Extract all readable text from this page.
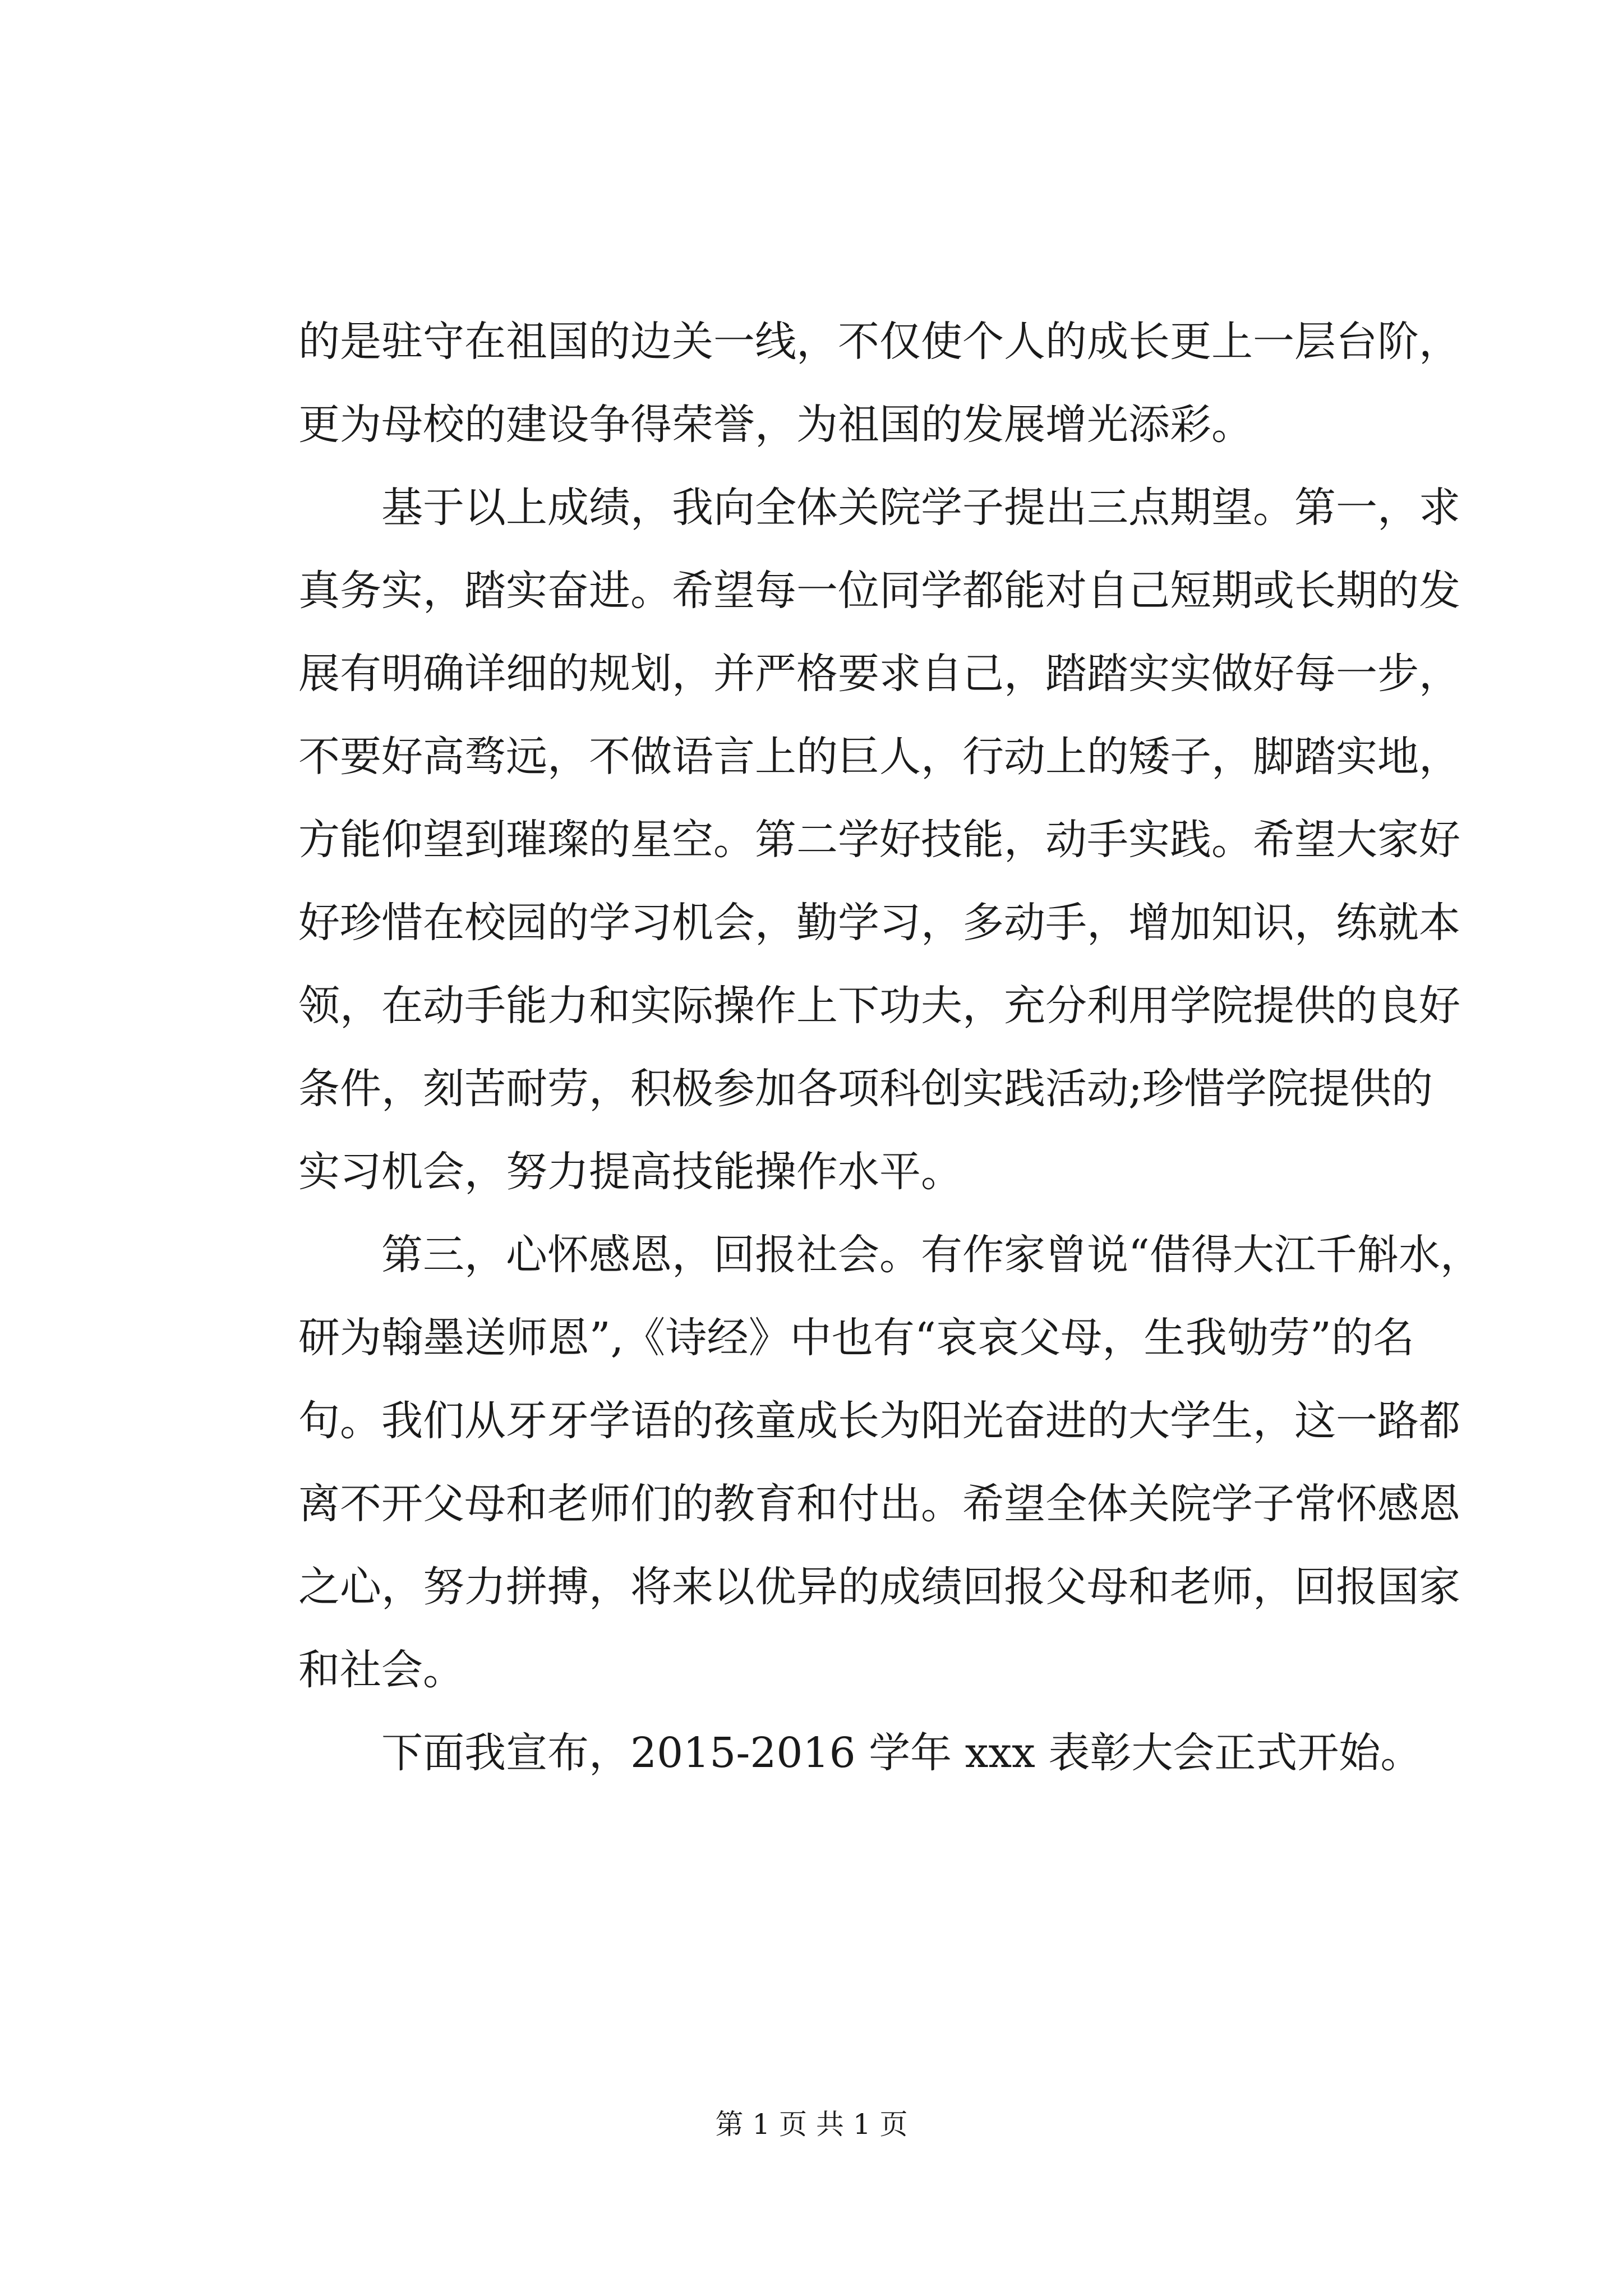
的是驻守在祖国的边关一线，不仅使个人的成长更上一层台阶，
更为母校的建设争得荣誉，为祖国的发展增光添彩。
基于以上成绩，我向全体关院学子提出三点期望。第一，求
真务实，踏实奋进。希望每一位同学都能对自己短期或长期的发
展有明确详细的规划，并严格要求自己，踏踏实实做好每一步，
不要好高骛远，不做语言上的巨人，行动上的矮子，脚踏实地，
方能仰望到璀璨的星空。第二学好技能，动手实践。希望大家好
好珍惜在校园的学习机会，勤学习，多动手，增加知识，练就本
领，在动手能力和实际操作上下功夫，充分利用学院提供的良好
条件，刻苦耐劳，积极参加各项科创实践活动;珍惜学院提供的
实习机会，努力提高技能操作水平。
第三，心怀感恩，回报社会。有作家曾说“借得大江千斛水，
研为翰墨送师恩”,《诗经》中也有“哀哀父母，生我劬劳”的名
句。我们从牙牙学语的孩童成长为阳光奋进的大学生，这一路都
离不开父母和老师们的教育和付出。希望全体关院学子常怀感恩
之心，努力拼搏，将来以优异的成绩回报父母和老师，回报国家
和社会。
下面我宣布，2015-2016 学年 xxx 表彰大会正式开始。
第 1 页 共 1 页
